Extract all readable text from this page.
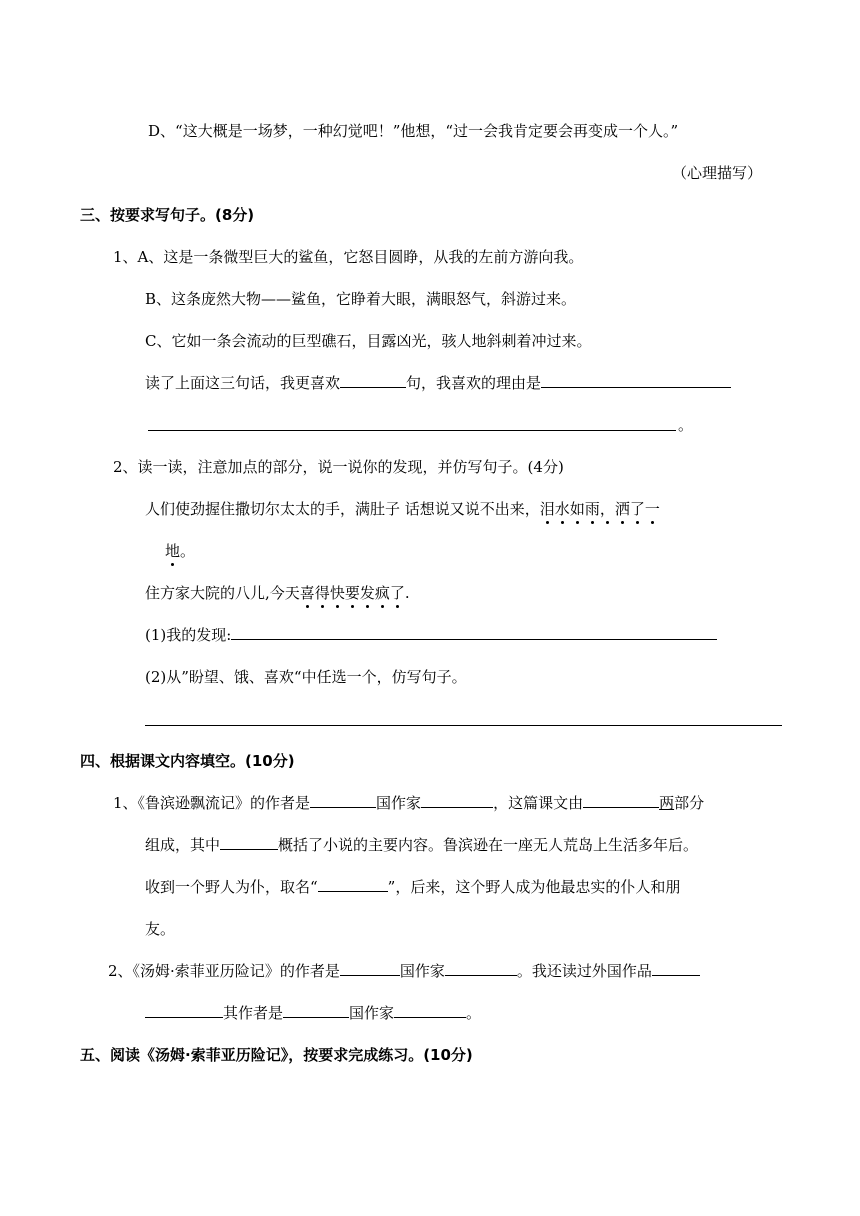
D、“这大概是一场梦，一种幻觉吧！”他想，“过一会我肯定要会再变成一个人。”
（心理描写）
三、按要求写句子。(8分)
1、A、这是一条微型巨大的鲨鱼，它怒目圆睁，从我的左前方游向我。
B、这条庞然大物——鲨鱼，它睁着大眼，满眼怒气，斜游过来。
C、它如一条会流动的巨型礁石，目露凶光，骇人地斜刺着冲过来。
读了上面这三句话，我更喜欢	句，我喜欢的理由是
。
2、读一读，注意加点的部分，说一说你的发现，并仿写句子。(4分)
人们使劲握住撒切尔太太的手，满肚子 话想说又说不出来，泪水如雨，洒了一
地。
住方家大院的八儿,今天喜得快要发疯了.
(1)我的发现:
(2)从”盼望、饿、喜欢“中任选一个，仿写句子。
四、根据课文内容填空。(10分)
1、《鲁滨逊飘流记》的作者是	国作家	，这篇课文由	两部分
组成，其中	概括了小说的主要内容。鲁滨逊在一座无人荒岛上生活多年后。
收到一个野人为仆，取名“	”，后来，这个野人成为他最忠实的仆人和朋
友。
2、《汤姆·索菲亚历险记》的作者是	国作家	。我还读过外国作品
其作者是	国作家	。
五、阅读《汤姆·索菲亚历险记》，按要求完成练习。(10分)
